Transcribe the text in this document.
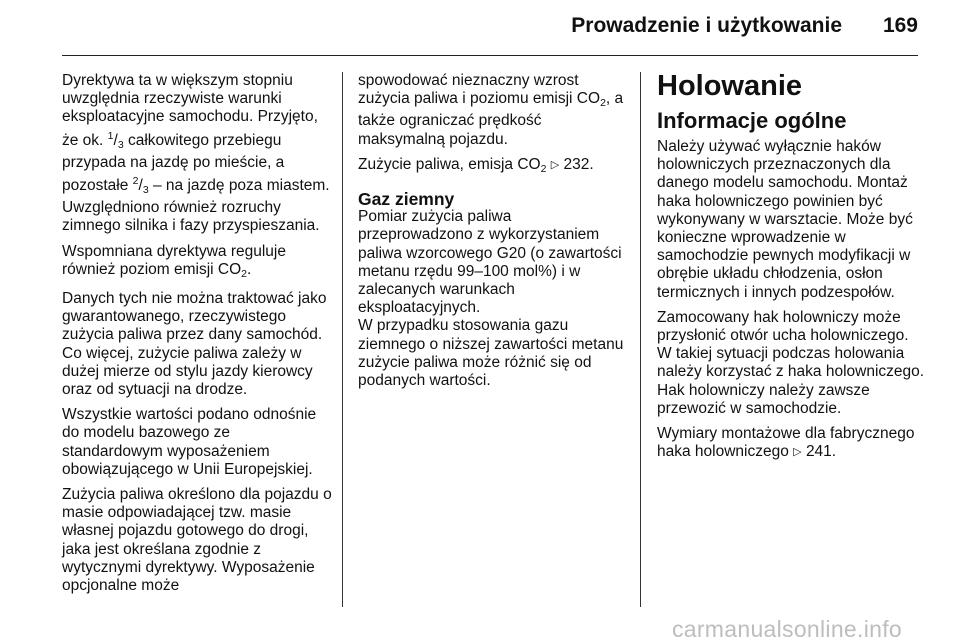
Prowadzenie i użytkowanie 169

Dyrektywa ta w większym stopniu uwzględnia rzeczywiste warunki eksploatacyjne samochodu. Przyjęto, że ok. $^1/_3$ całkowitego przebiegu przypada na jazdę po mieście, a pozostałe $^2/_3$ – na jazdę poza miastem. Uwzględniono również rozruchy zimnego silnika i fazy przyspieszania.

Wspomniana dyrektywa reguluje również poziom emisji $CO_2$.

Danych tych nie można traktować jako gwarantowanego, rzeczywistego zużycia paliwa przez dany samochód. Co więcej, zużycie paliwa zależy w dużej mierze od stylu jazdy kierowcy oraz od sytuacji na drodze.

Wszystkie wartości podano odnośnie do modelu bazowego ze standardowym wyposażeniem obowiązującego w Unii Europejskiej.

Zużycia paliwa określono dla pojazdu o masie odpowiadającej tzw. masie własnej pojazdu gotowego do drogi, jaka jest określana zgodnie z wytycznymi dyrektywy. Wyposażenie opcjonalne może

spowodować nieznaczny wzrost zużycia paliwa i poziomu emisji $CO_2$, a także ograniczać prędkość maksymalną pojazdu.

Zużycie paliwa, emisja $CO_2$ ▷ 232.

Gaz ziemny

Pomiar zużycia paliwa przeprowadzono z wykorzystaniem paliwa wzorcowego G20 (o zawartości metanu rzędu 99–100 mol%) i w zalecanych warunkach eksploatacyjnych.

W przypadku stosowania gazu ziemnego o niższej zawartości metanu zużycie paliwa może różnić się od podanych wartości.

Holowanie
Informacje ogólne

Należy używać wyłącznie haków holowniczych przeznaczonych dla danego modelu samochodu. Montaż haka holowniczego powinien być wykonywany w warsztacie. Może być konieczne wprowadzenie w samochodzie pewnych modyfikacji w obrębie układu chłodzenia, osłon termicznych i innych podzespołów.

Zamocowany hak holowniczy może przysłonić otwór ucha holowniczego. W takiej sytuacji podczas holowania należy korzystać z haka holowniczego. Hak holowniczy należy zawsze przewozić w samochodzie.

Wymiary montażowe dla fabrycznego haka holowniczego ▷ 241.

carmanualsonline.info
